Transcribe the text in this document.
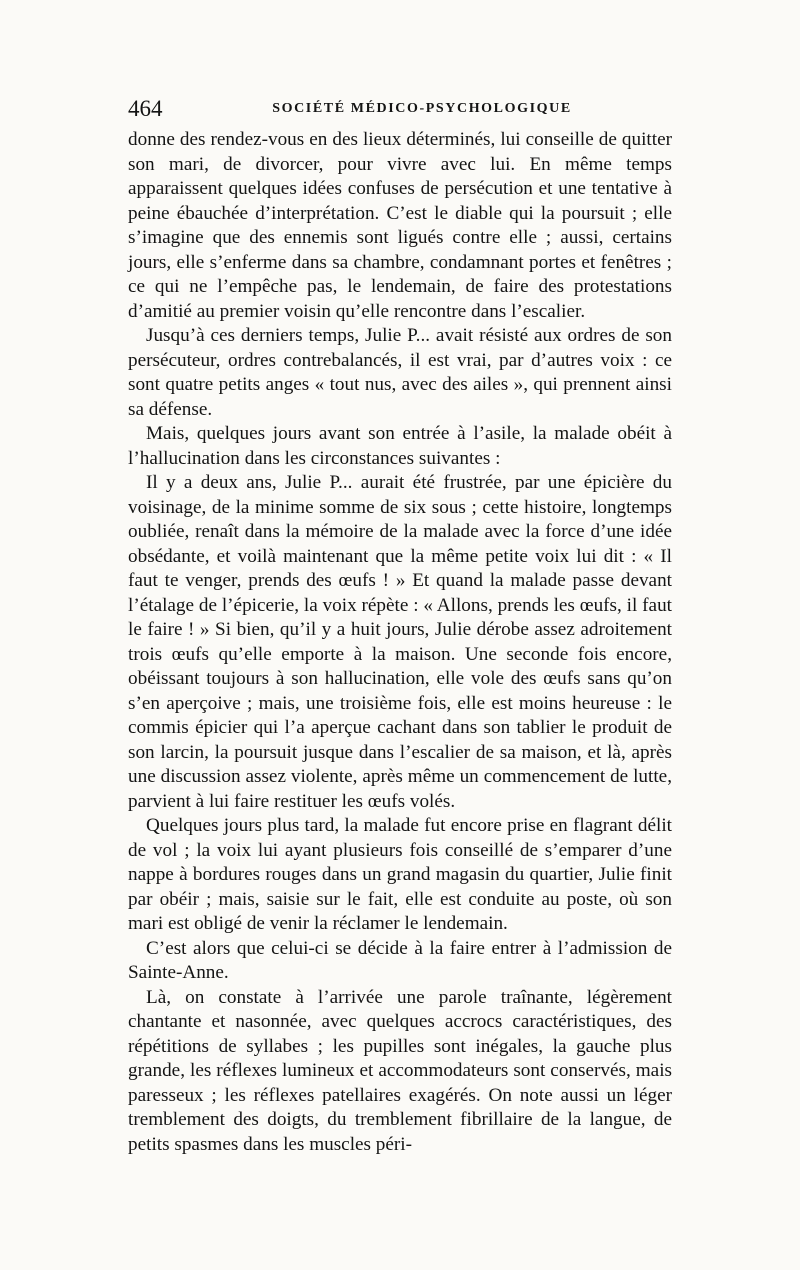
464	SOCIÉTÉ MÉDICO-PSYCHOLOGIQUE

donne des rendez-vous en des lieux déterminés, lui conseille de quitter son mari, de divorcer, pour vivre avec lui. En même temps apparaissent quelques idées confuses de persécution et une tentative à peine ébauchée d’interprétation. C’est le diable qui la poursuit ; elle s’imagine que des ennemis sont ligués contre elle ; aussi, certains jours, elle s’enferme dans sa chambre, condamnant portes et fenêtres ; ce qui ne l’empêche pas, le lendemain, de faire des protestations d’amitié au premier voisin qu’elle rencontre dans l’escalier.

Jusqu’à ces derniers temps, Julie P... avait résisté aux ordres de son persécuteur, ordres contrebalancés, il est vrai, par d’autres voix : ce sont quatre petits anges « tout nus, avec des ailes », qui prennent ainsi sa défense.

Mais, quelques jours avant son entrée à l’asile, la malade obéit à l’hallucination dans les circonstances suivantes :

Il y a deux ans, Julie P... aurait été frustrée, par une épicière du voisinage, de la minime somme de six sous ; cette histoire, longtemps oubliée, renaît dans la mémoire de la malade avec la force d’une idée obsédante, et voilà maintenant que la même petite voix lui dit : « Il faut te venger, prends des œufs ! » Et quand la malade passe devant l’étalage de l’épicerie, la voix répète : « Allons, prends les œufs, il faut le faire ! » Si bien, qu’il y a huit jours, Julie dérobe assez adroitement trois œufs qu’elle emporte à la maison. Une seconde fois encore, obéissant toujours à son hallucination, elle vole des œufs sans qu’on s’en aperçoive ; mais, une troisième fois, elle est moins heureuse : le commis épicier qui l’a aperçue cachant dans son tablier le produit de son larcin, la poursuit jusque dans l’escalier de sa maison, et là, après une discussion assez violente, après même un commencement de lutte, parvient à lui faire restituer les œufs volés.

Quelques jours plus tard, la malade fut encore prise en flagrant délit de vol ; la voix lui ayant plusieurs fois conseillé de s’emparer d’une nappe à bordures rouges dans un grand magasin du quartier, Julie finit par obéir ; mais, saisie sur le fait, elle est conduite au poste, où son mari est obligé de venir la réclamer le lendemain.

C’est alors que celui-ci se décide à la faire entrer à l’admission de Sainte-Anne.

Là, on constate à l’arrivée une parole traînante, légèrement chantante et nasonnée, avec quelques accrocs caractéristiques, des répétitions de syllabes ; les pupilles sont inégales, la gauche plus grande, les réflexes lumineux et accommodateurs sont conservés, mais paresseux ; les réflexes patellaires exagérés. On note aussi un léger tremblement des doigts, du tremblement fibrillaire de la langue, de petits spasmes dans les muscles péri-
